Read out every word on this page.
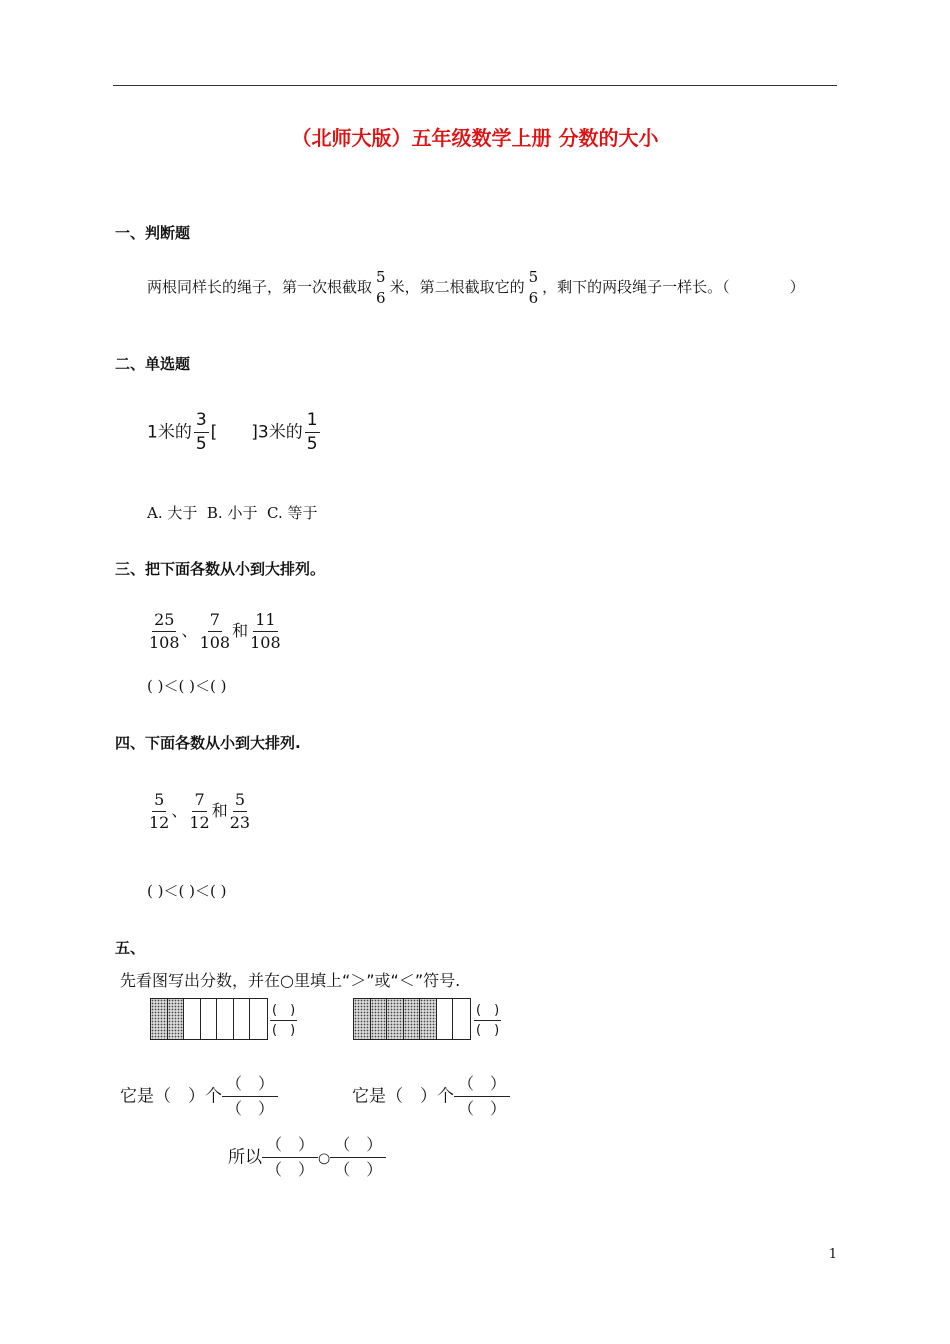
（北师大版）五年级数学上册 分数的大小
一、判断题
两根同样长的绳子，第一次根截取
5
6
米，第二根截取它的
5
6
，剩下的两段绳子一样长。（　　　　）
二、单选题
1米的 $\frac{3}{5}$ [　　]3米的 $\frac{1}{5}$
A. 大于  B. 小于  C. 等于
三、把下面各数从小到大排列。
$\frac{25}{108}$ 、 $\frac{7}{108}$ 和 $\frac{11}{108}$
( )＜( )＜( )
四、下面各数从小到大排列.
$\frac{5}{12}$ 、 $\frac{7}{12}$ 和 $\frac{5}{23}$
( )＜( )＜( )
五、
先看图写出分数，并在○里填上“＞”或“＜”符号.
$\frac{( )}{( )}$	$\frac{( )}{( )}$
它是（　）个
（　）
（　）
它是（　）个
（　）
（　）
所以
（　）
（　）
○
（　）
（　）
1
